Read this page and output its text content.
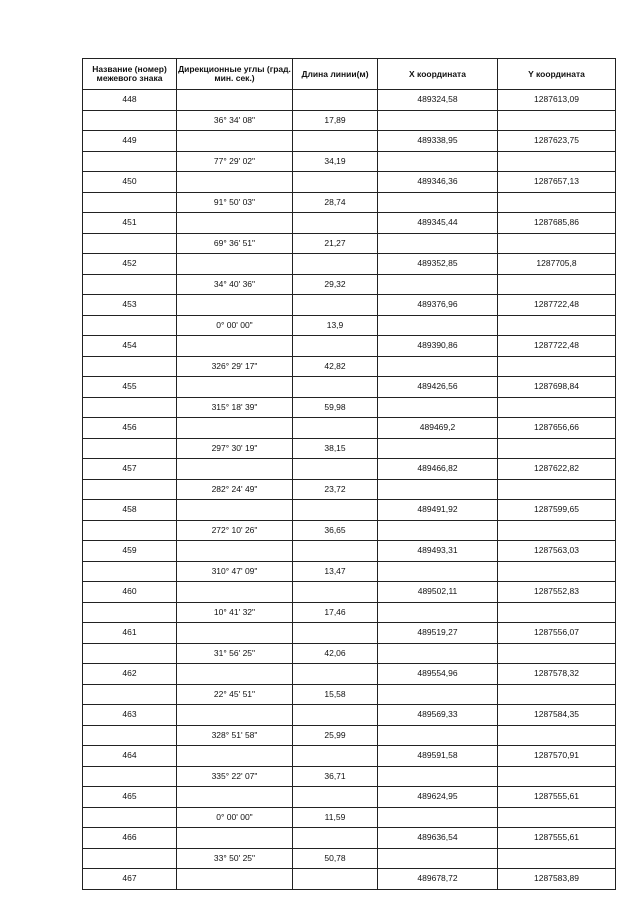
Название (номер) межевого знака	Дирекционные углы (град. мин. сек.)	Длина линии(м)	X координата	Y координата
448			489324,58	1287613,09
	36° 34' 08"	17,89		
449			489338,95	1287623,75
	77° 29' 02"	34,19		
450			489346,36	1287657,13
	91° 50' 03"	28,74		
451			489345,44	1287685,86
	69° 36' 51"	21,27		
452			489352,85	1287705,8
	34° 40' 36"	29,32		
453			489376,96	1287722,48
	0° 00' 00"	13,9		
454			489390,86	1287722,48
	326° 29' 17"	42,82		
455			489426,56	1287698,84
	315° 18' 39"	59,98		
456			489469,2	1287656,66
	297° 30' 19"	38,15		
457			489466,82	1287622,82
	282° 24' 49"	23,72		
458			489491,92	1287599,65
	272° 10' 26"	36,65		
459			489493,31	1287563,03
	310° 47' 09"	13,47		
460			489502,11	1287552,83
	10° 41' 32"	17,46		
461			489519,27	1287556,07
	31° 56' 25"	42,06		
462			489554,96	1287578,32
	22° 45' 51"	15,58		
463			489569,33	1287584,35
	328° 51' 58"	25,99		
464			489591,58	1287570,91
	335° 22' 07"	36,71		
465			489624,95	1287555,61
	0° 00' 00"	11,59		
466			489636,54	1287555,61
	33° 50' 25"	50,78		
467			489678,72	1287583,89
